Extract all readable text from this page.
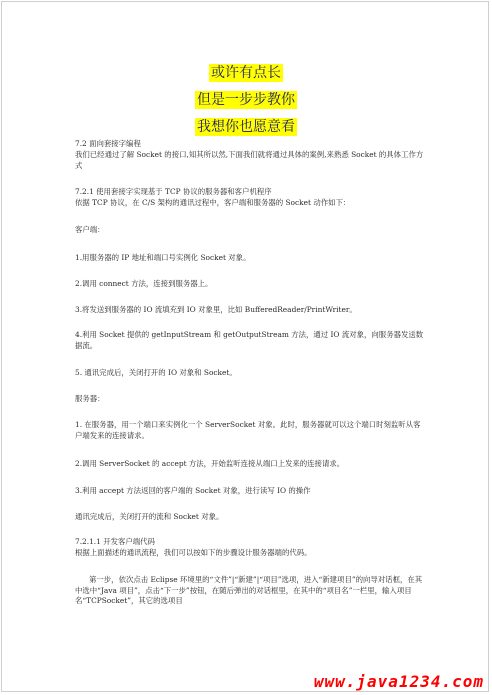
或许有点长
但是一步步教你
我想你也愿意看
7.2 面向套接字编程
我们已经通过了解 Socket 的接口,知其所以然,下面我们就将通过具体的案例,来熟悉 Socket 的具体工作方式
7.2.1 使用套接字实现基于 TCP 协议的服务器和客户机程序
依据 TCP 协议，在 C/S 架构的通讯过程中，客户端和服务器的 Socket 动作如下：
客户端：
1.用服务器的 IP 地址和端口号实例化 Socket 对象。
2.调用 connect 方法，连接到服务器上。
3.将发送到服务器的 IO 流填充到 IO 对象里，比如 BufferedReader/PrintWriter。
4.利用 Socket 提供的 getInputStream 和 getOutputStream 方法，通过 IO 流对象，向服务器发送数据流。
5. 通讯完成后，关闭打开的 IO 对象和 Socket。
服务器：
1. 在服务器，用一个端口来实例化一个 ServerSocket 对象。此时，服务器就可以这个端口时刻监听从客户端发来的连接请求。
2.调用 ServerSocket 的 accept 方法，开始监听连接从端口上发来的连接请求。
3.利用 accept 方法返回的客户端的 Socket 对象，进行读写 IO 的操作
通讯完成后，关闭打开的流和 Socket 对象。
7.2.1.1 开发客户端代码
根据上面描述的通讯流程，我们可以按如下的步骤设计服务器端的代码。
第一步，依次点击 Eclipse 环境里的“文件”|“新建”|“项目”选项，进入“新建项目”的向导对话框，在其中选中“Java 项目”，点击“下一步”按钮，在随后弹出的对话框里，在其中的“项目名”一栏里，输入项目名“TCPSocket”，其它的选项目
www.java1234.com
